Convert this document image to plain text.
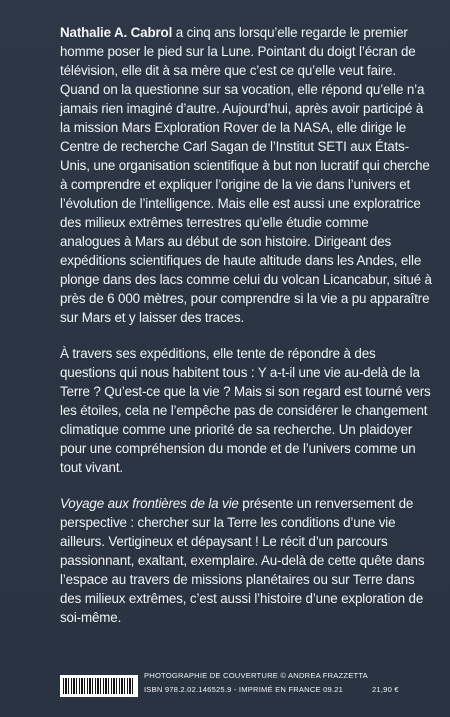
Nathalie A. Cabrol a cinq ans lorsqu’elle regarde le premier homme poser le pied sur la Lune. Pointant du doigt l’écran de télévision, elle dit à sa mère que c’est ce qu’elle veut faire. Quand on la questionne sur sa vocation, elle répond qu’elle n’a jamais rien imaginé d’autre. Aujourd’hui, après avoir participé à la mission Mars Exploration Rover de la NASA, elle dirige le Centre de recherche Carl Sagan de l’Institut SETI aux États-Unis, une organisation scientifique à but non lucratif qui cherche à comprendre et expliquer l’origine de la vie dans l’univers et l’évolution de l’intelligence. Mais elle est aussi une exploratrice des milieux extrêmes terrestres qu’elle étudie comme analogues à Mars au début de son histoire. Dirigeant des expéditions scientifiques de haute altitude dans les Andes, elle plonge dans des lacs comme celui du volcan Licancabur, situé à près de 6 000 mètres, pour comprendre si la vie a pu apparaître sur Mars et y laisser des traces.

À travers ses expéditions, elle tente de répondre à des questions qui nous habitent tous : Y a-t-il une vie au-delà de la Terre ? Qu’est-ce que la vie ? Mais si son regard est tourné vers les étoiles, cela ne l’empêche pas de considérer le changement climatique comme une priorité de sa recherche. Un plaidoyer pour une compréhension du monde et de l’univers comme un tout vivant.

Voyage aux frontières de la vie présente un renversement de perspective : chercher sur la Terre les conditions d’une vie ailleurs. Vertigineux et dépaysant ! Le récit d’un parcours passionnant, exaltant, exemplaire. Au-delà de cette quête dans l’espace au travers de missions planétaires ou sur Terre dans des milieux extrêmes, c’est aussi l’histoire d’une exploration de soi-même.

PHOTOGRAPHIE DE COUVERTURE © ANDREA FRAZZETTA
ISBN 978.2.02.146525.9 - IMPRIMÉ EN FRANCE 09.21	21,90 €
